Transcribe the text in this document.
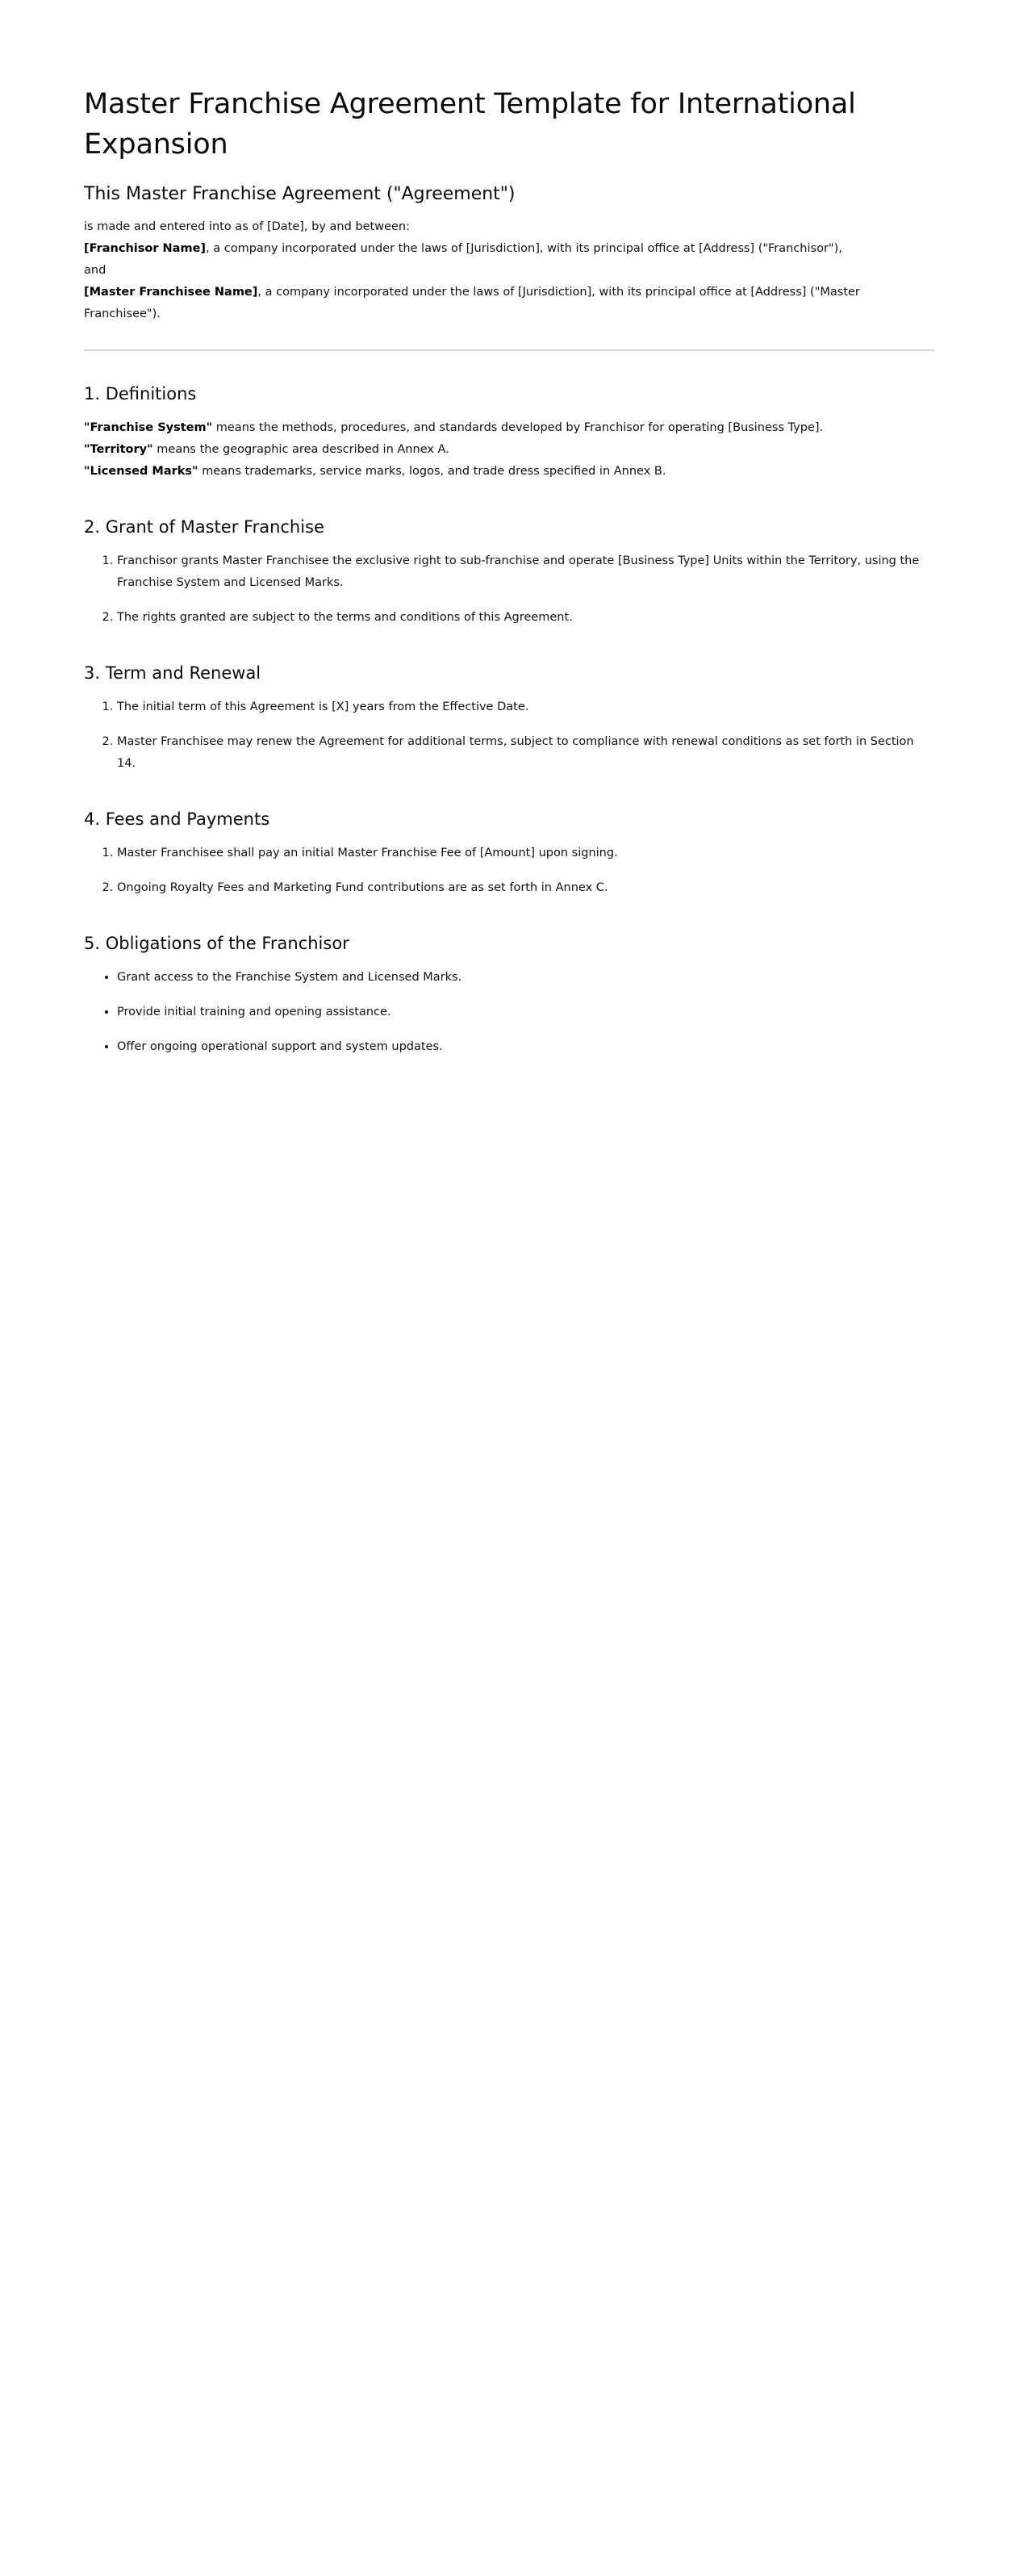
Master Franchise Agreement Template for International Expansion
This Master Franchise Agreement ("Agreement")

is made and entered into as of [Date], by and between:
[Franchisor Name], a company incorporated under the laws of [Jurisdiction], with its principal office at [Address] ("Franchisor"),
and
[Master Franchisee Name], a company incorporated under the laws of [Jurisdiction], with its principal office at [Address] ("Master Franchisee").

1. Definitions

"Franchise System" means the methods, procedures, and standards developed by Franchisor for operating [Business Type].
"Territory" means the geographic area described in Annex A.
"Licensed Marks" means trademarks, service marks, logos, and trade dress specified in Annex B.

2. Grant of Master Franchise
1. Franchisor grants Master Franchisee the exclusive right to sub-franchise and operate [Business Type] Units within the Territory, using the Franchise System and Licensed Marks.
2. The rights granted are subject to the terms and conditions of this Agreement.
3. Term and Renewal
1. The initial term of this Agreement is [X] years from the Effective Date.
2. Master Franchisee may renew the Agreement for additional terms, subject to compliance with renewal conditions as set forth in Section 14.
4. Fees and Payments
1. Master Franchisee shall pay an initial Master Franchise Fee of [Amount] upon signing.
2. Ongoing Royalty Fees and Marketing Fund contributions are as set forth in Annex C.
5. Obligations of the Franchisor
• Grant access to the Franchise System and Licensed Marks.
• Provide initial training and opening assistance.
• Offer ongoing operational support and system updates.
